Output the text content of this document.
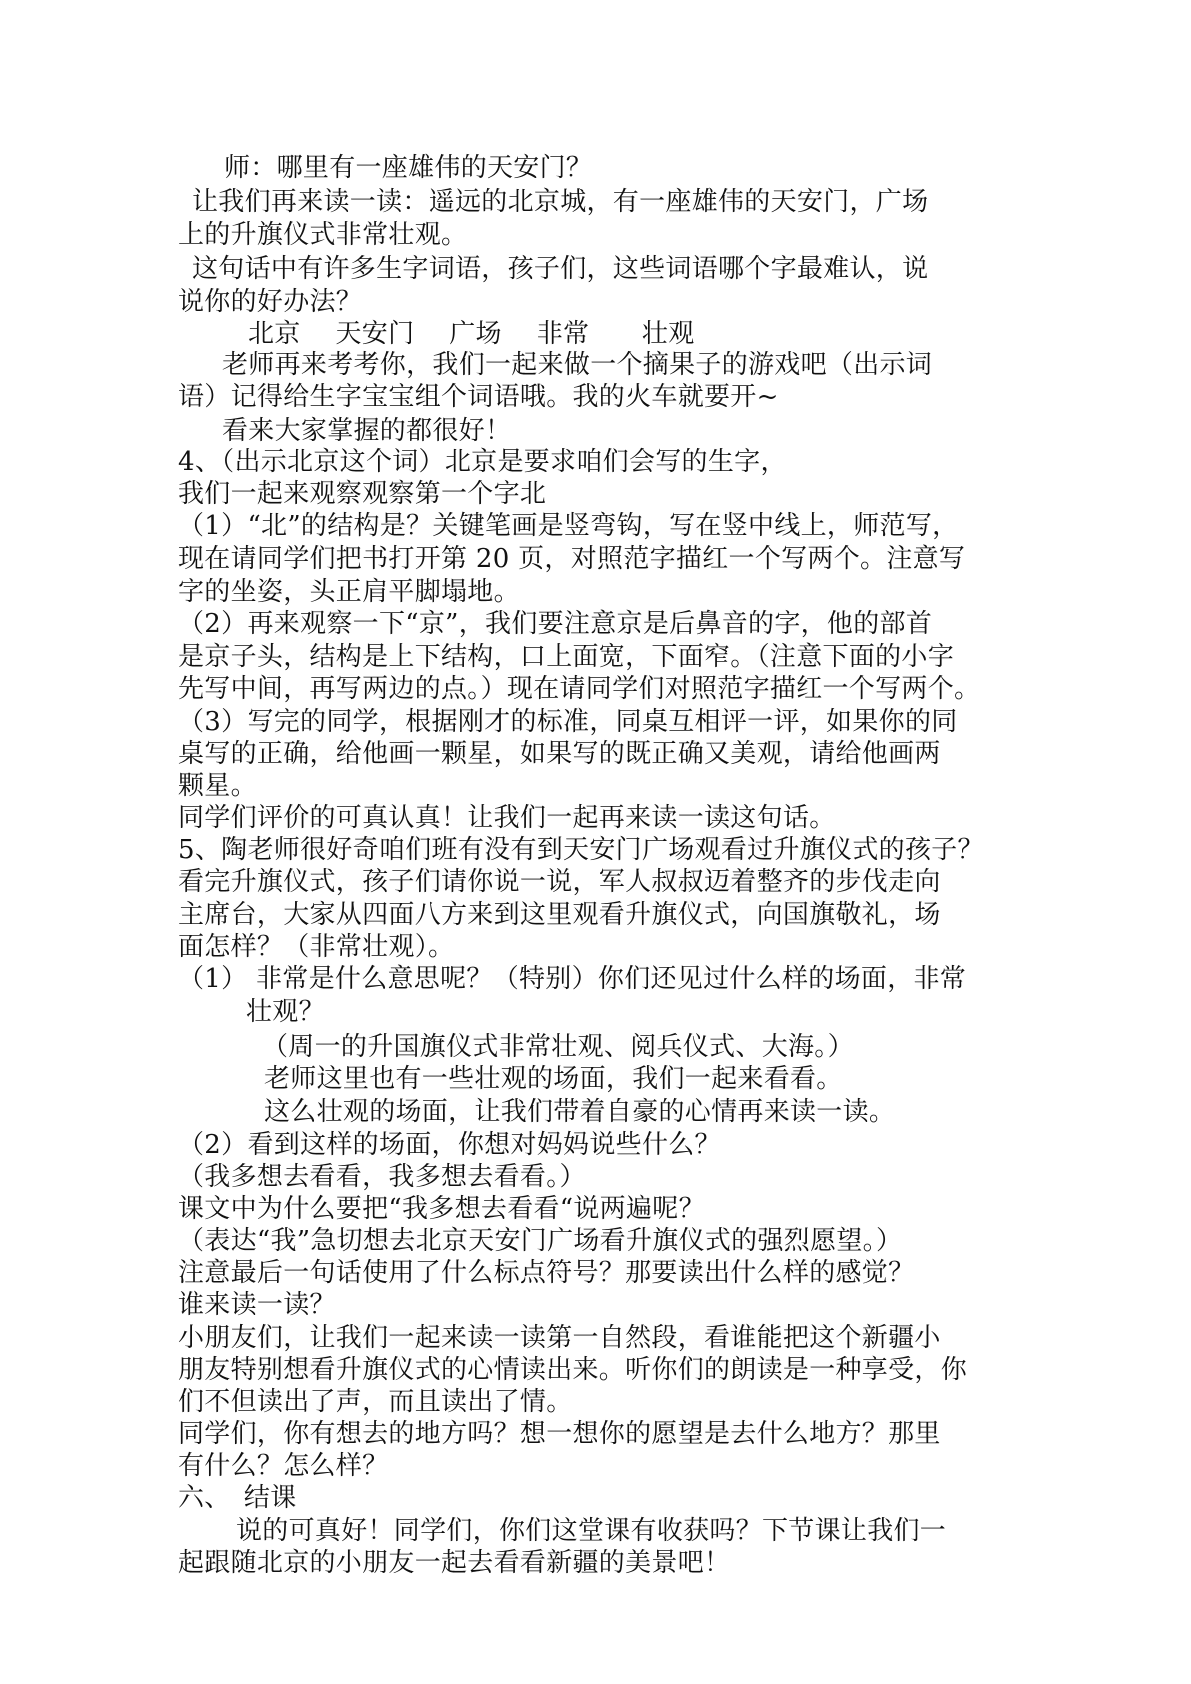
师：哪里有一座雄伟的天安门？
让我们再来读一读：遥远的北京城，有一座雄伟的天安门，广场
上的升旗仪式非常壮观。
这句话中有许多生字词语，孩子们，这些词语哪个字最难认，说
说你的好办法？
北京　 天安门　 广场　 非常　　壮观
老师再来考考你，我们一起来做一个摘果子的游戏吧（出示词
语）记得给生字宝宝组个词语哦。我的火车就要开~
看来大家掌握的都很好！
4、（出示北京这个词）北京是要求咱们会写的生字，
我们一起来观察观察第一个字北
（1）“北”的结构是？关键笔画是竖弯钩，写在竖中线上，师范写，
现在请同学们把书打开第 20 页，对照范字描红一个写两个。注意写
字的坐姿，头正肩平脚塌地。
（2）再来观察一下“京”，我们要注意京是后鼻音的字，他的部首
是京子头，结构是上下结构，口上面宽，下面窄。（注意下面的小字
先写中间，再写两边的点。）现在请同学们对照范字描红一个写两个。
（3）写完的同学，根据刚才的标准，同桌互相评一评，如果你的同
桌写的正确，给他画一颗星，如果写的既正确又美观，请给他画两
颗星。
同学们评价的可真认真！让我们一起再来读一读这句话。
5、陶老师很好奇咱们班有没有到天安门广场观看过升旗仪式的孩子？
看完升旗仪式，孩子们请你说一说，军人叔叔迈着整齐的步伐走向
主席台，大家从四面八方来到这里观看升旗仪式，向国旗敬礼，场
面怎样？（非常壮观）。
（1） 非常是什么意思呢？（特别）你们还见过什么样的场面，非常
壮观？
（周一的升国旗仪式非常壮观、阅兵仪式、大海。）
老师这里也有一些壮观的场面，我们一起来看看。
这么壮观的场面，让我们带着自豪的心情再来读一读。
（2）看到这样的场面，你想对妈妈说些什么？
（我多想去看看，我多想去看看。）
课文中为什么要把“我多想去看看“说两遍呢？
（表达“我”急切想去北京天安门广场看升旗仪式的强烈愿望。）
注意最后一句话使用了什么标点符号？那要读出什么样的感觉？
谁来读一读？
小朋友们，让我们一起来读一读第一自然段，看谁能把这个新疆小
朋友特别想看升旗仪式的心情读出来。听你们的朗读是一种享受，你
们不但读出了声，而且读出了情。
同学们，你有想去的地方吗？想一想你的愿望是去什么地方？那里
有什么？怎么样？
六、　结课
说的可真好！同学们，你们这堂课有收获吗？下节课让我们一
起跟随北京的小朋友一起去看看新疆的美景吧！
